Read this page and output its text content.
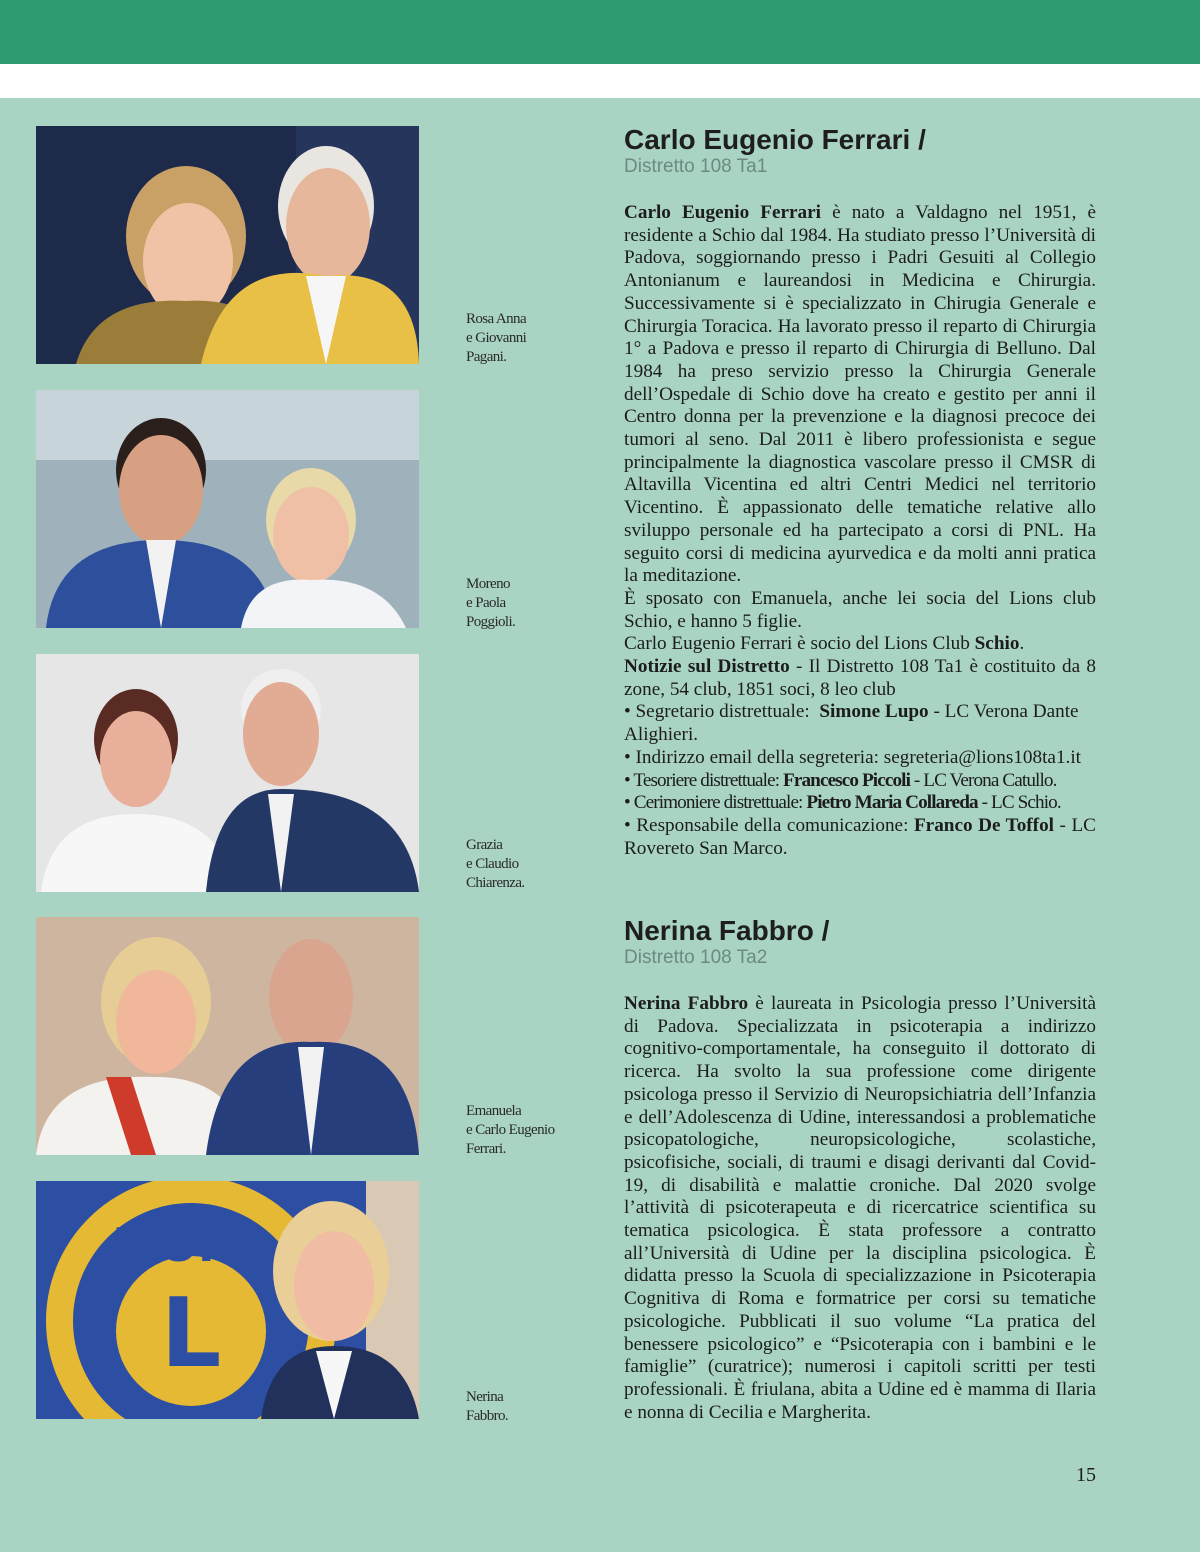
L
LIONS
Rosa Anna
e Giovanni
Pagani.
Moreno
e Paola
Poggioli.
Grazia
e Claudio
Chiarenza.
Emanuela
e Carlo Eugenio
Ferrari.
Nerina
Fabbro.
Carlo Eugenio Ferrari /
Distretto 108 Ta1

Carlo Eugenio Ferrari è nato a Valdagno nel 1951, è residente a Schio dal 1984. Ha studiato presso l’Università di Padova, soggiornando presso i Padri Gesuiti al Collegio Antonianum e laureandosi in Medicina e Chirurgia. Successivamente si è specializzato in Chirugia Generale e Chirurgia Toracica. Ha lavorato presso il reparto di Chirurgia 1° a Padova e presso il reparto di Chirurgia di Belluno. Dal 1984 ha preso servizio presso la Chirurgia Generale dell’Ospedale di Schio dove ha creato e gestito per anni il Centro donna per la prevenzione e la diagnosi precoce dei tumori al seno. Dal 2011 è libero professionista e segue principalmente la diagnostica vascolare presso il CMSR di Altavilla Vicentina ed altri Centri Medici nel territorio Vicentino. È appassionato delle tematiche relative allo sviluppo personale ed ha partecipato a corsi di PNL. Ha seguito corsi di medicina ayurvedica e da molti anni pratica la meditazione.

È sposato con Emanuela, anche lei socia del Lions club Schio, e hanno 5 figlie.

Carlo Eugenio Ferrari è socio del Lions Club Schio.

Notizie sul Distretto - Il Distretto 108 Ta1 è costituito da 8 zone, 54 club, 1851 soci, 8 leo club

• Segretario distrettuale:  Simone Lupo - LC Verona Dante Alighieri.

• Indirizzo email della segreteria: segreteria@lions108ta1.it

• Tesoriere distrettuale: Francesco Piccoli - LC Verona Catullo.

• Cerimoniere distrettuale: Pietro Maria Collareda - LC Schio.

• Responsabile della comunicazione: Franco De Toffol - LC Rovereto San Marco.

Nerina Fabbro /
Distretto 108 Ta2

Nerina Fabbro è laureata in Psicologia presso l’Università di Padova. Specializzata in psicoterapia a indirizzo cognitivo-comportamentale, ha conseguito il dottorato di ricerca. Ha svolto la sua professione come dirigente psicologa presso il Servizio di Neuropsichiatria dell’Infanzia e dell’Adolescenza di Udine, interessandosi a problematiche psicopatologiche, neuropsicologiche, scolastiche, psicofisiche, sociali, di traumi e disagi derivanti dal Covid-19, di disabilità e malattie croniche. Dal 2020 svolge l’attività di psicoterapeuta e di ricercatrice scientifica su tematica psicologica. È stata professore a contratto all’Università di Udine per la disciplina psicologica. È didatta presso la Scuola di specializzazione in Psicoterapia Cognitiva di Roma e formatrice per corsi su tematiche psicologiche. Pubblicati il suo volume “La pratica del benessere psicologico” e “Psicoterapia con i bambini e le famiglie” (curatrice); numerosi i capitoli scritti per testi professionali. È friulana, abita a Udine ed è mamma di Ilaria e nonna di Cecilia e Margherita.

15
